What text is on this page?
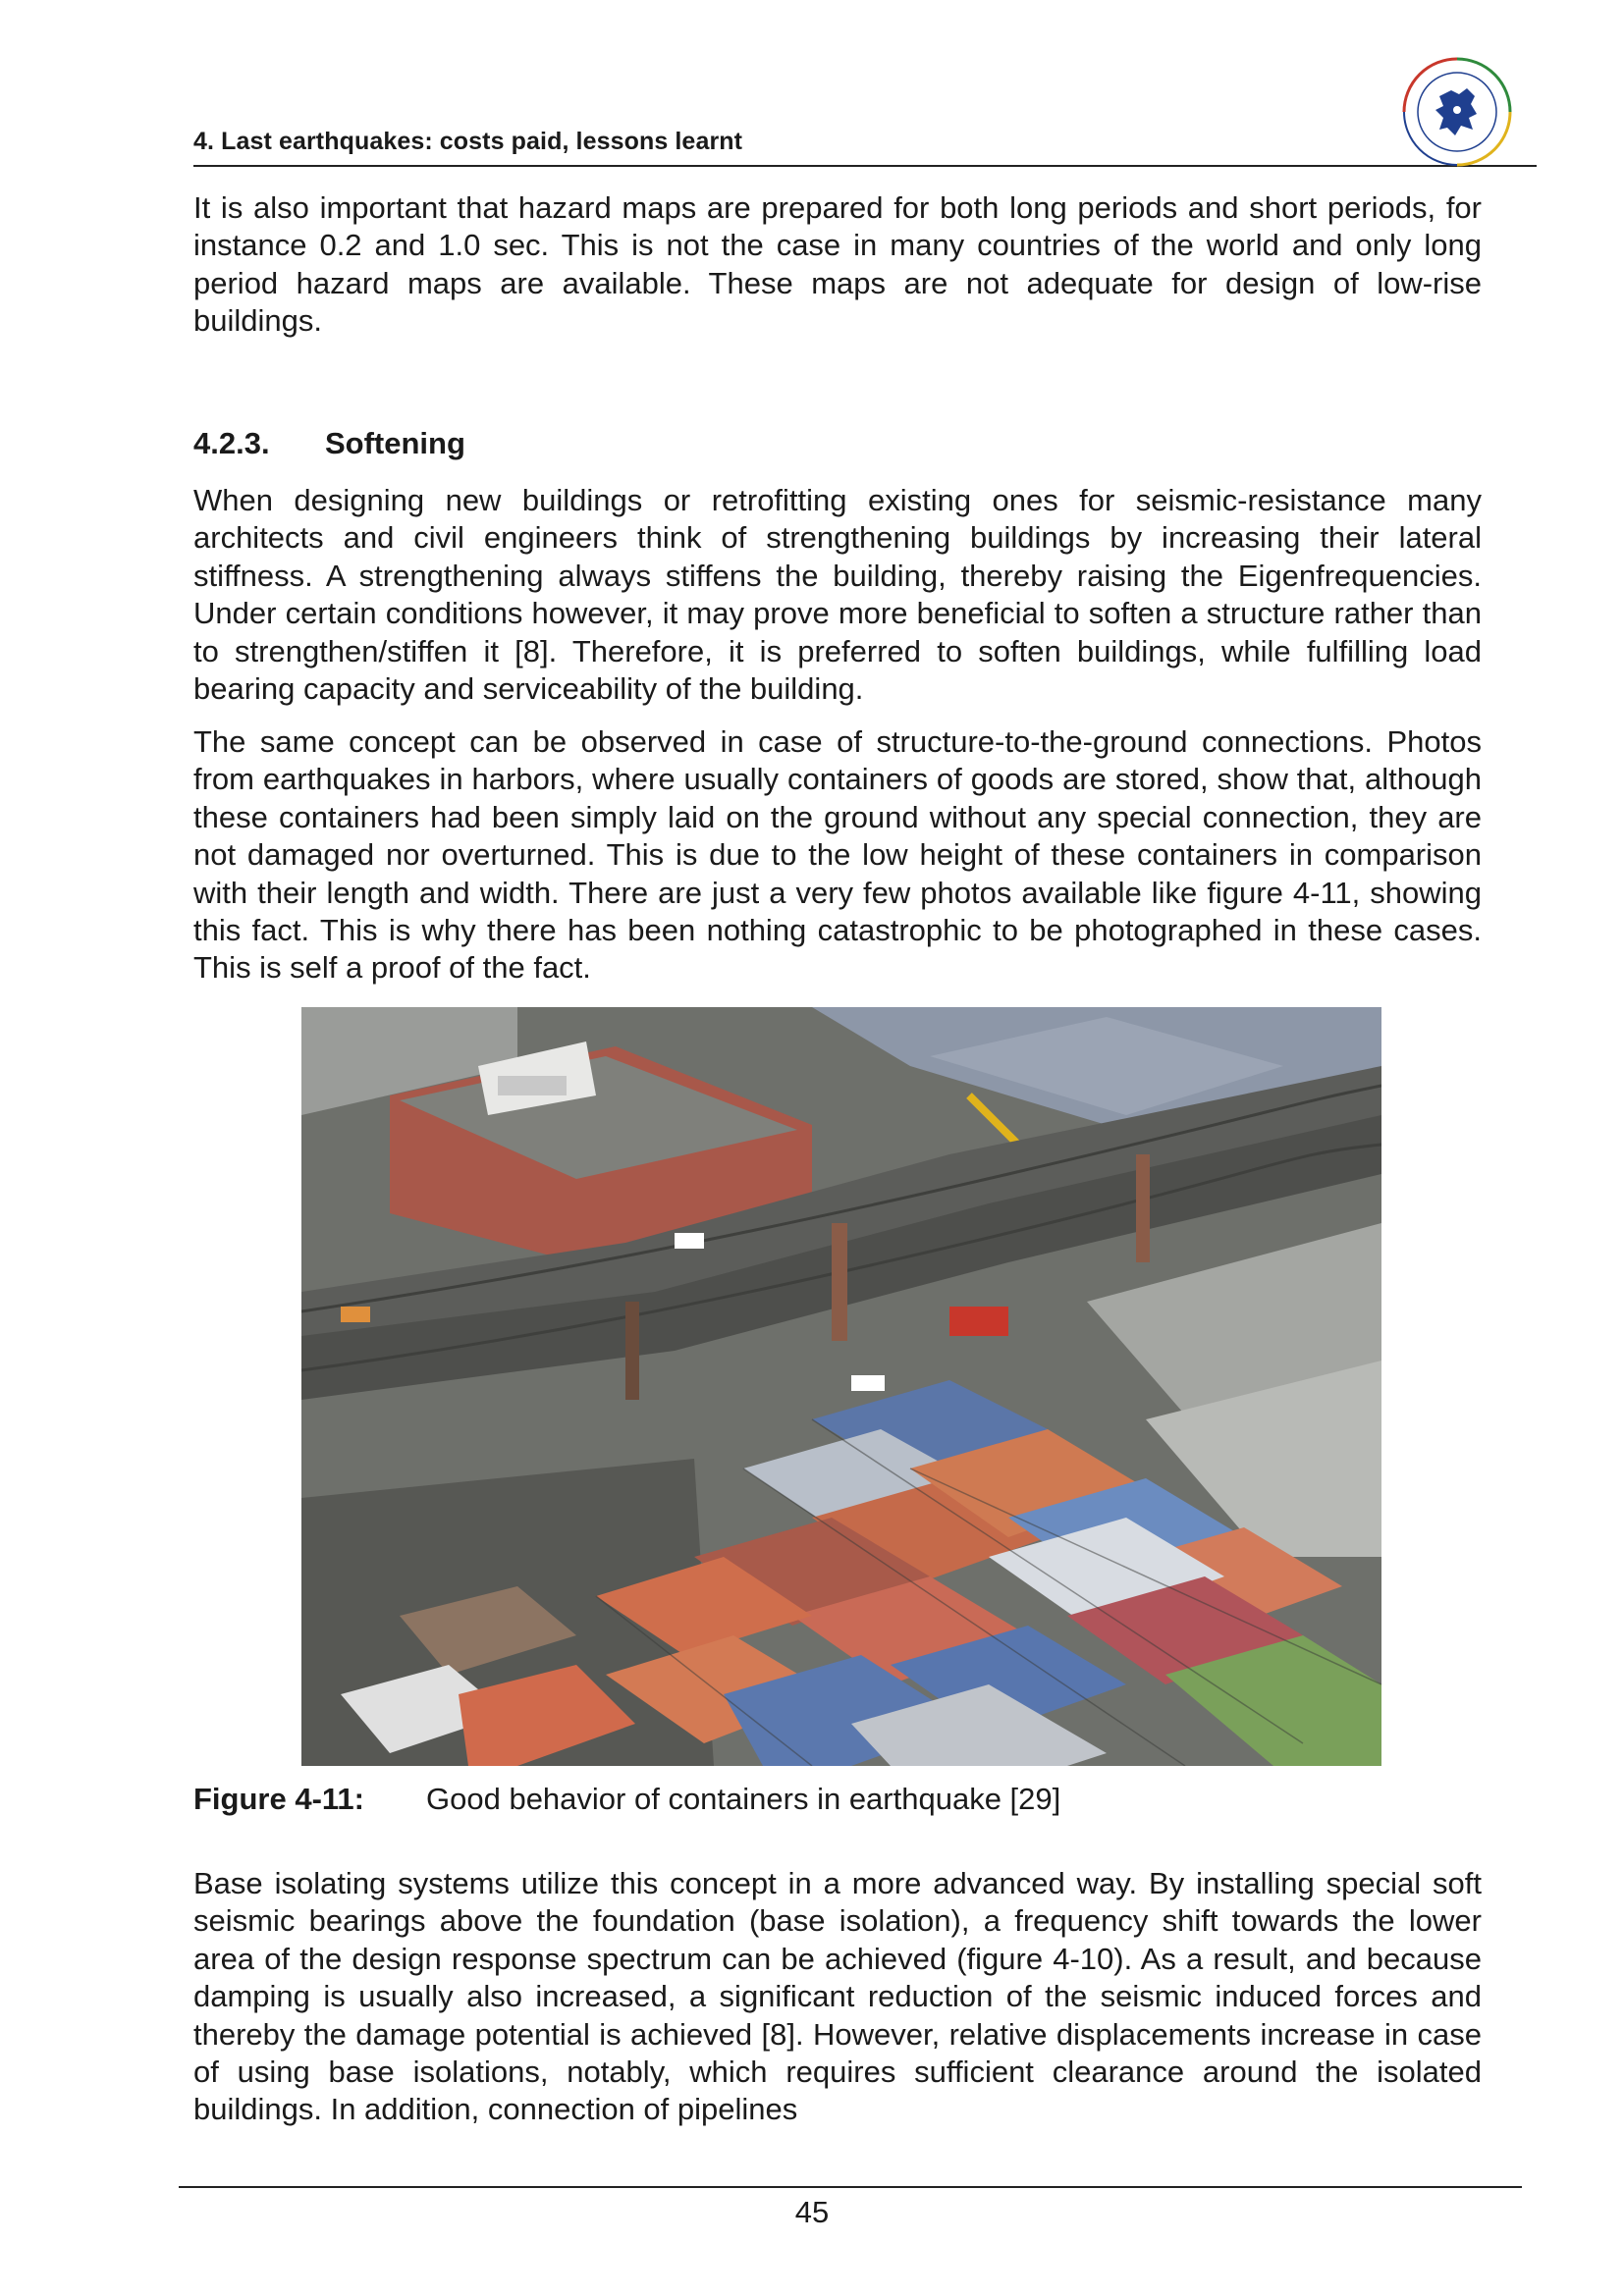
4. Last earthquakes: costs paid, lessons learnt

It is also important that hazard maps are prepared for both long periods and short periods, for instance 0.2 and 1.0 sec. This is not the case in many countries of the world and only long period hazard maps are available. These maps are not adequate for design of low-rise buildings.

4.2.3. Softening

When designing new buildings or retrofitting existing ones for seismic-resistance many architects and civil engineers think of strengthening buildings by increasing their lateral stiffness. A strengthening always stiffens the building, thereby raising the Eigenfrequencies. Under certain conditions however, it may prove more beneficial to soften a structure rather than to strengthen/stiffen it [8]. Therefore, it is preferred to soften buildings, while fulfilling load bearing capacity and serviceability of the building.

The same concept can be observed in case of structure-to-the-ground connections. Photos from earthquakes in harbors, where usually containers of goods are stored, show that, although these containers had been simply laid on the ground without any special connection, they are not damaged nor overturned. This is due to the low height of these containers in comparison with their length and width. There are just a very few photos available like figure 4-11, showing this fact. This is why there has been nothing catastrophic to be photographed in these cases. This is self a proof of the fact.

Figure 4-11: Good behavior of containers in earthquake [29]

Base isolating systems utilize this concept in a more advanced way. By installing special soft seismic bearings above the foundation (base isolation), a frequency shift towards the lower area of the design response spectrum can be achieved (figure 4-10). As a result, and because damping is usually also increased, a significant reduction of the seismic induced forces and thereby the damage potential is achieved [8]. However, relative displacements increase in case of using base isolations, notably, which requires sufficient clearance around the isolated buildings. In addition, connection of pipelines

45
